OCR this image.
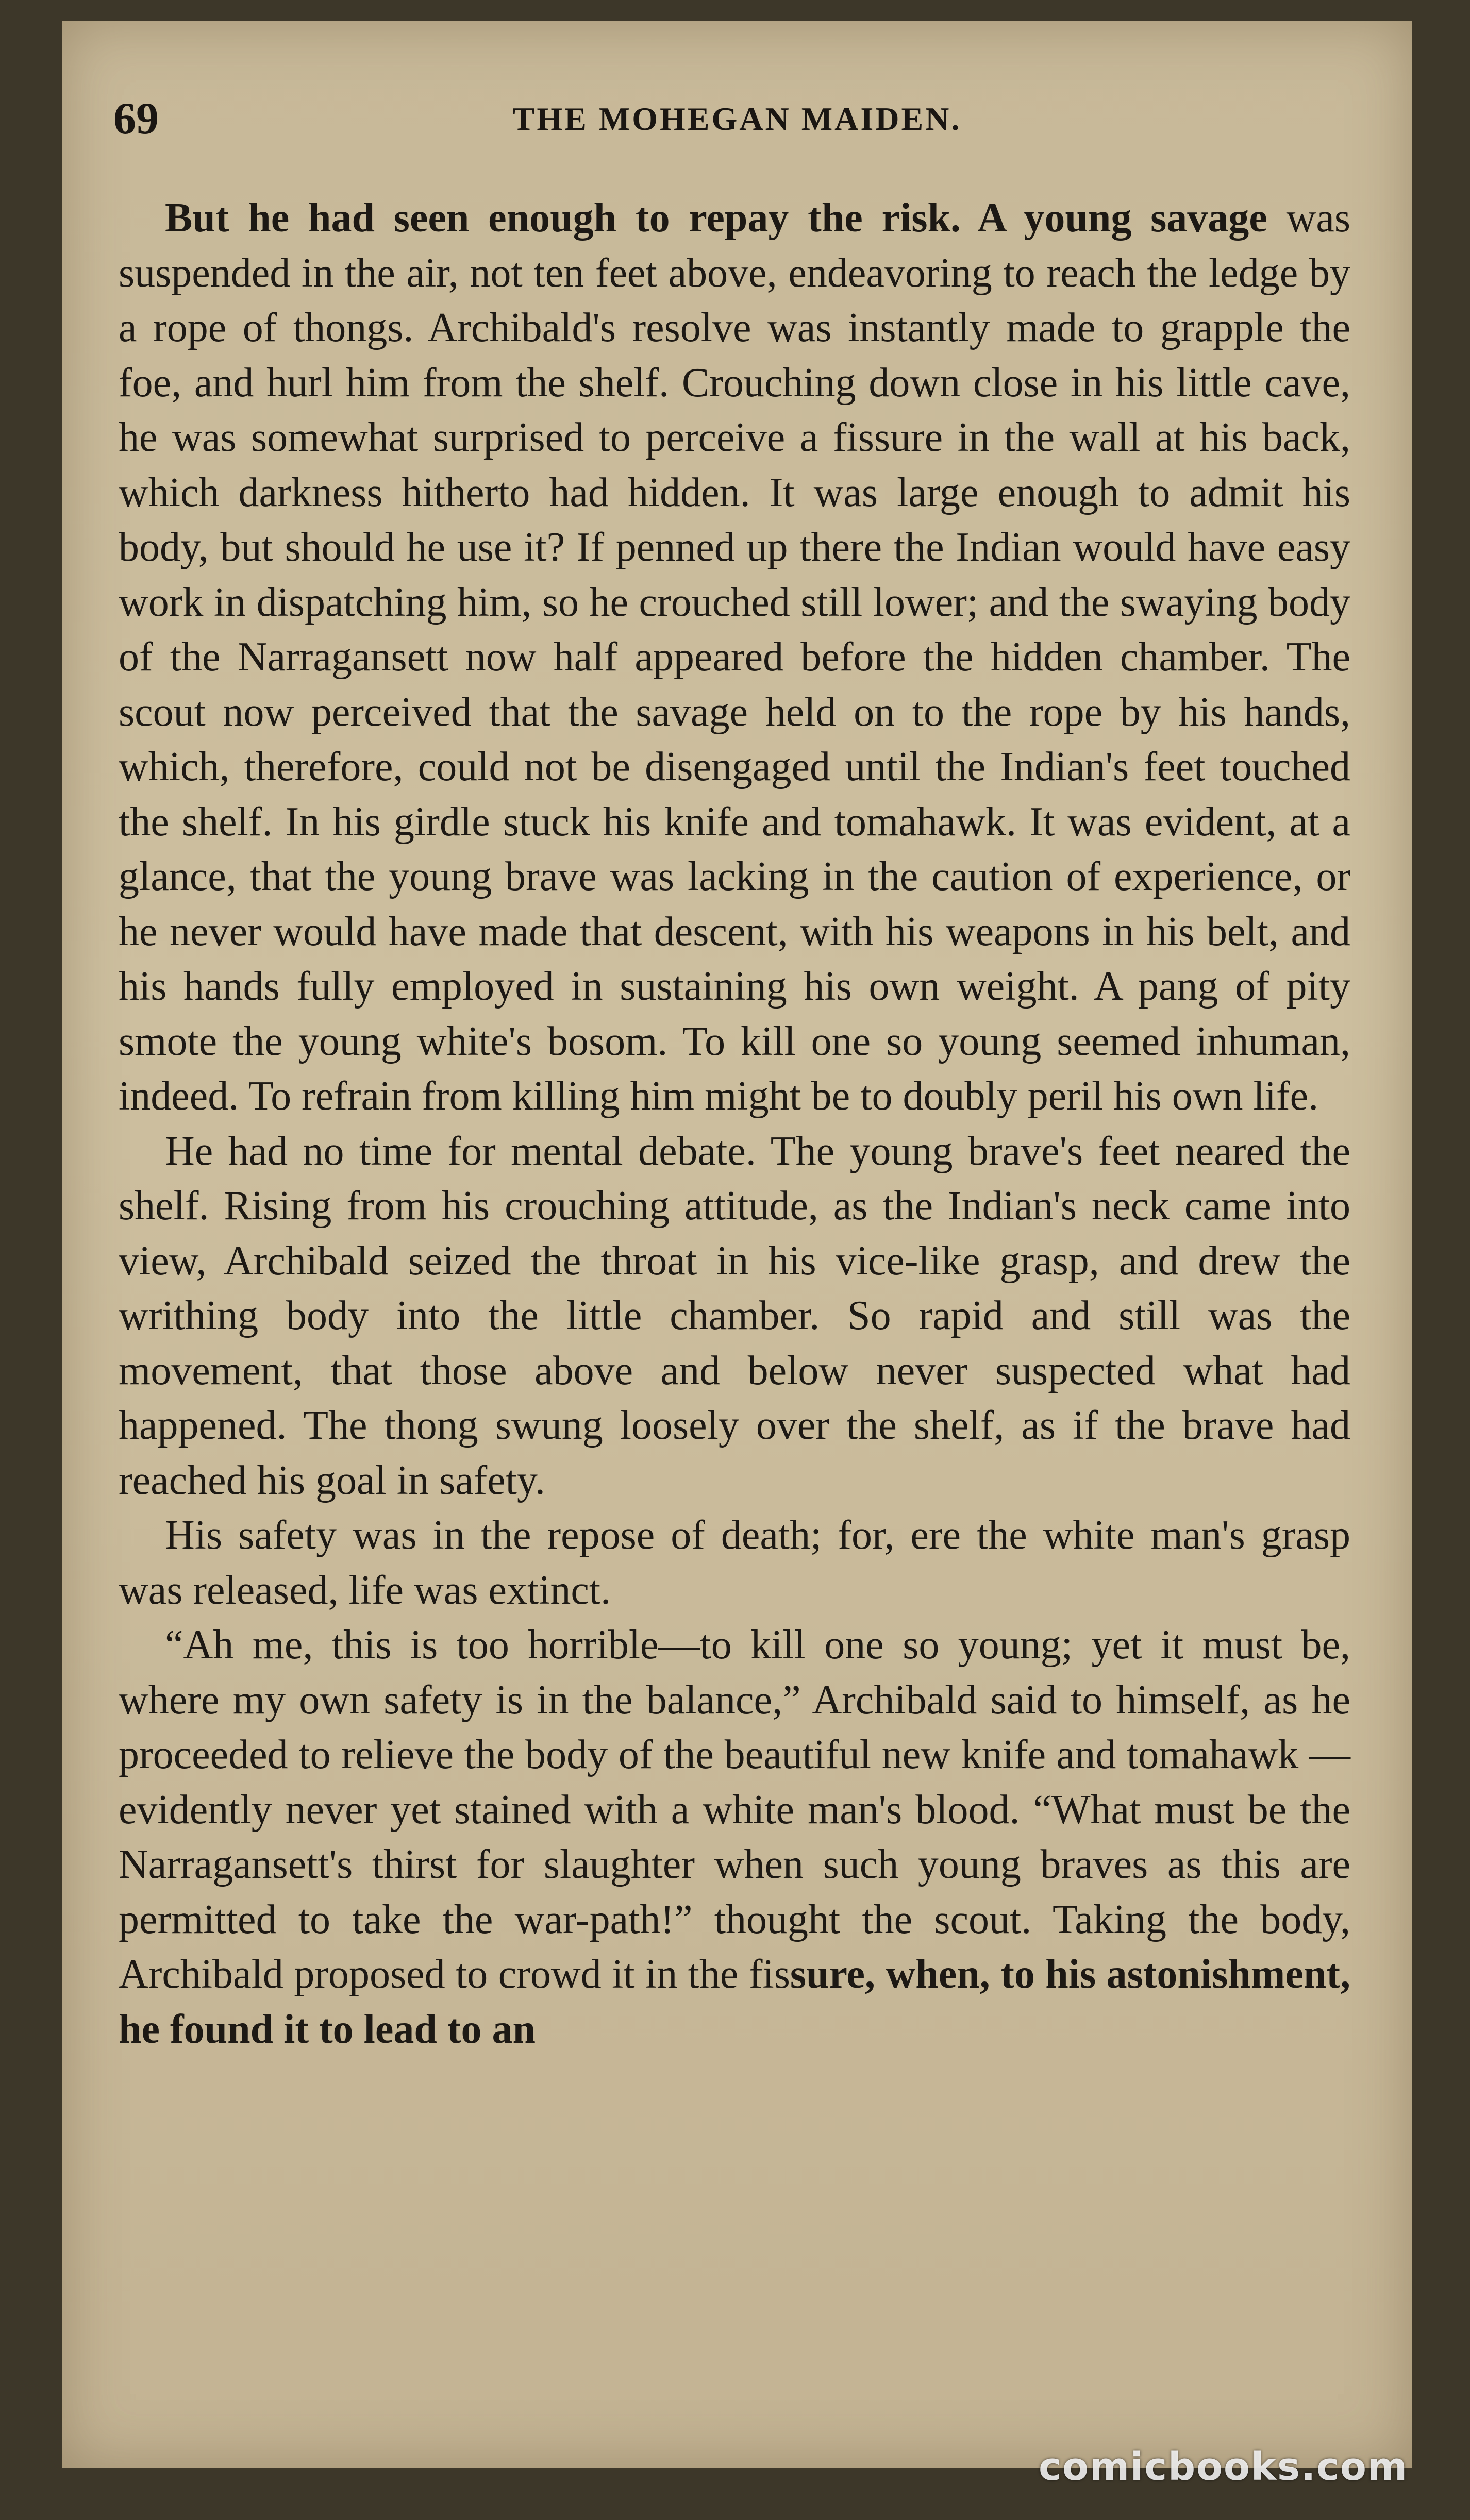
69	THE MOHEGAN MAIDEN.

But he had seen enough to repay the risk. A young savage was suspended in the air, not ten feet above, endeavoring to reach the ledge by a rope of thongs. Archibald's resolve was instantly made to grapple the foe, and hurl him from the shelf. Crouching down close in his little cave, he was somewhat surprised to perceive a fissure in the wall at his back, which darkness hitherto had hidden. It was large enough to admit his body, but should he use it? If penned up there the Indian would have easy work in dispatching him, so he crouched still lower; and the swaying body of the Narragansett now half appeared before the hidden chamber. The scout now perceived that the savage held on to the rope by his hands, which, therefore, could not be disengaged until the Indian's feet touched the shelf. In his girdle stuck his knife and tomahawk. It was evident, at a glance, that the young brave was lacking in the caution of experience, or he never would have made that descent, with his weapons in his belt, and his hands fully employed in sustaining his own weight. A pang of pity smote the young white's bosom. To kill one so young seemed inhuman, indeed. To refrain from killing him might be to doubly peril his own life.

He had no time for mental debate. The young brave's feet neared the shelf. Rising from his crouching attitude, as the Indian's neck came into view, Archibald seized the throat in his vice-like grasp, and drew the writhing body into the little chamber. So rapid and still was the movement, that those above and below never suspected what had happened. The thong swung loosely over the shelf, as if the brave had reached his goal in safety.

His safety was in the repose of death; for, ere the white man's grasp was released, life was extinct.

“Ah me, this is too horrible—to kill one so young; yet it must be, where my own safety is in the balance,” Archibald said to himself, as he proceeded to relieve the body of the beautiful new knife and tomahawk — evidently never yet stained with a white man's blood. “What must be the Narragansett's thirst for slaughter when such young braves as this are permitted to take the war-path!” thought the scout. Taking the body, Archibald proposed to crowd it in the fissure, when, to his astonishment, he found it to lead to an

comicbooks.com
